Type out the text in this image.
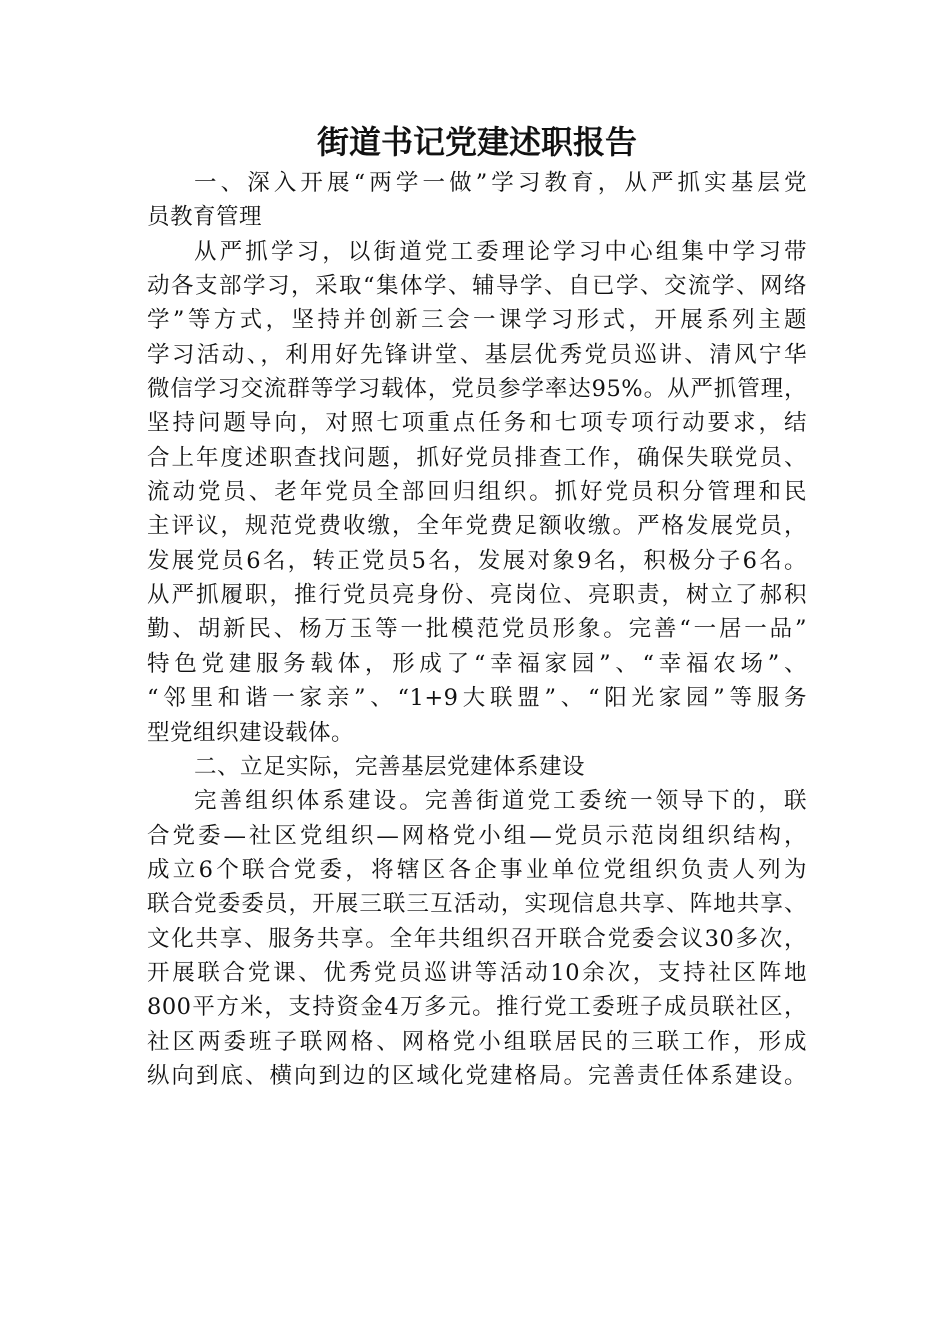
街道书记党建述职报告
一、深入开展“两学一做”学习教育，从严抓实基层党
员教育管理
从严抓学习，以街道党工委理论学习中心组集中学习带
动各支部学习，采取“集体学、辅导学、自已学、交流学、网络
学”等方式，坚持并创新三会一课学习形式，开展系列主题
学习活动、，利用好先锋讲堂、基层优秀党员巡讲、清风宁华
微信学习交流群等学习载体，党员参学率达95%。从严抓管理，
坚持问题导向，对照七项重点任务和七项专项行动要求，结
合上年度述职查找问题，抓好党员排查工作，确保失联党员、
流动党员、老年党员全部回归组织。抓好党员积分管理和民
主评议，规范党费收缴，全年党费足额收缴。严格发展党员，
发展党员6名，转正党员5名，发展对象9名，积极分子6名。
从严抓履职，推行党员亮身份、亮岗位、亮职责，树立了郝积
勤、胡新民、杨万玉等一批模范党员形象。完善“一居一品”
特色党建服务载体，形成了“幸福家园”、“幸福农场”、
“邻里和谐一家亲”、“1+9大联盟”、“阳光家园”等服务
型党组织建设载体。
二、立足实际，完善基层党建体系建设
完善组织体系建设。完善街道党工委统一领导下的，联
合党委—社区党组织—网格党小组—党员示范岗组织结构，
成立6个联合党委，将辖区各企事业单位党组织负责人列为
联合党委委员，开展三联三互活动，实现信息共享、阵地共享、
文化共享、服务共享。全年共组织召开联合党委会议30多次，
开展联合党课、优秀党员巡讲等活动10余次，支持社区阵地
800平方米，支持资金4万多元。推行党工委班子成员联社区，
社区两委班子联网格、网格党小组联居民的三联工作，形成
纵向到底、横向到边的区域化党建格局。完善责任体系建设。
